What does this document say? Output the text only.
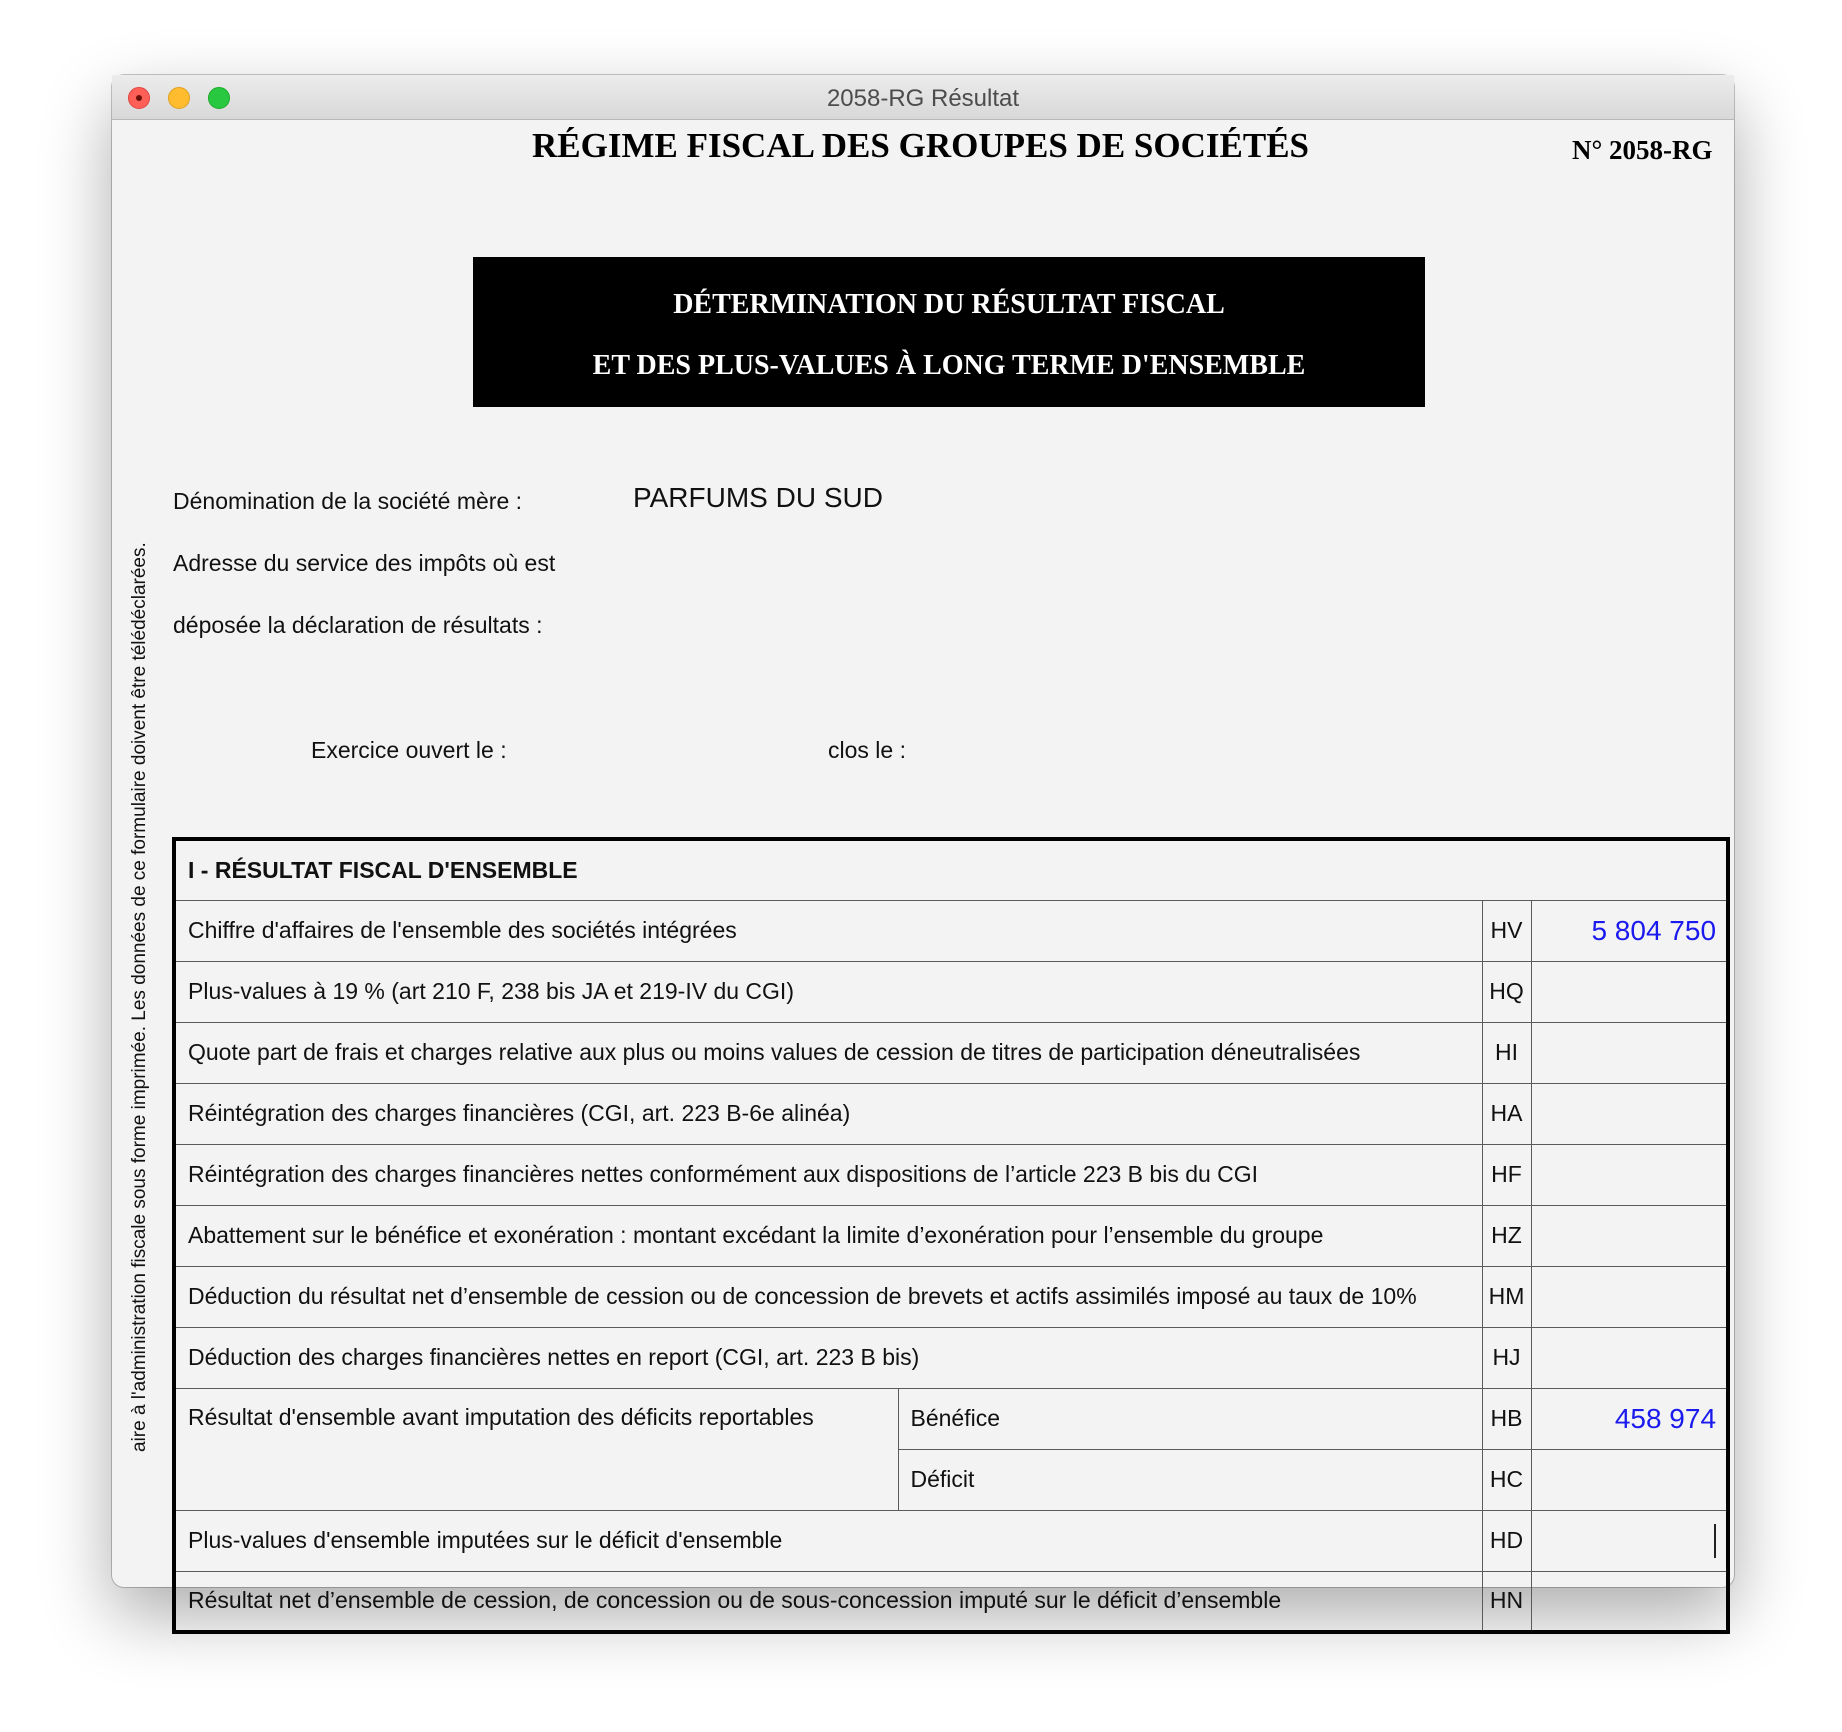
2058-RG Résultat
aire à l'administration fiscale sous forme imprimée. Les données de ce formulaire doivent être télédéclarées.
RÉGIME FISCAL DES GROUPES DE SOCIÉTÉS	N° 2058-RG
DÉTERMINATION DU RÉSULTAT FISCAL
ET DES PLUS-VALUES À LONG TERME D'ENSEMBLE
Dénomination de la société mère :	PARFUMS DU SUD
Adresse du service des impôts où est
déposée la déclaration de résultats :
Exercice ouvert le :	clos le :
I - RÉSULTAT FISCAL D'ENSEMBLE			
Chiffre d'affaires de l'ensemble des sociétés intégrées		HV	5 804 750
Plus-values à 19 % (art 210 F, 238 bis JA et 219-IV du CGI)		HQ	
Quote part de frais et charges relative aux plus ou moins values de cession de titres de participation déneutralisées		HI	
Réintégration des charges financières (CGI, art. 223 B-6e alinéa)		HA	
Réintégration des charges financières nettes conformément aux dispositions de l’article 223 B bis du CGI		HF	
Abattement sur le bénéfice et exonération : montant excédant la limite d’exonération pour l’ensemble du groupe		HZ	
Déduction du résultat net d’ensemble de cession ou de concession de brevets et actifs assimilés imposé au taux de 10%		HM	
Déduction des charges financières nettes en report (CGI, art. 223 B bis)		HJ	
Résultat d'ensemble avant imputation des déficits reportables	Bénéfice	HB	458 974
	Déficit	HC	
Plus-values d'ensemble imputées sur le déficit d'ensemble		HD	
Résultat net d’ensemble de cession, de concession ou de sous-concession imputé sur le déficit d’ensemble		HN	
